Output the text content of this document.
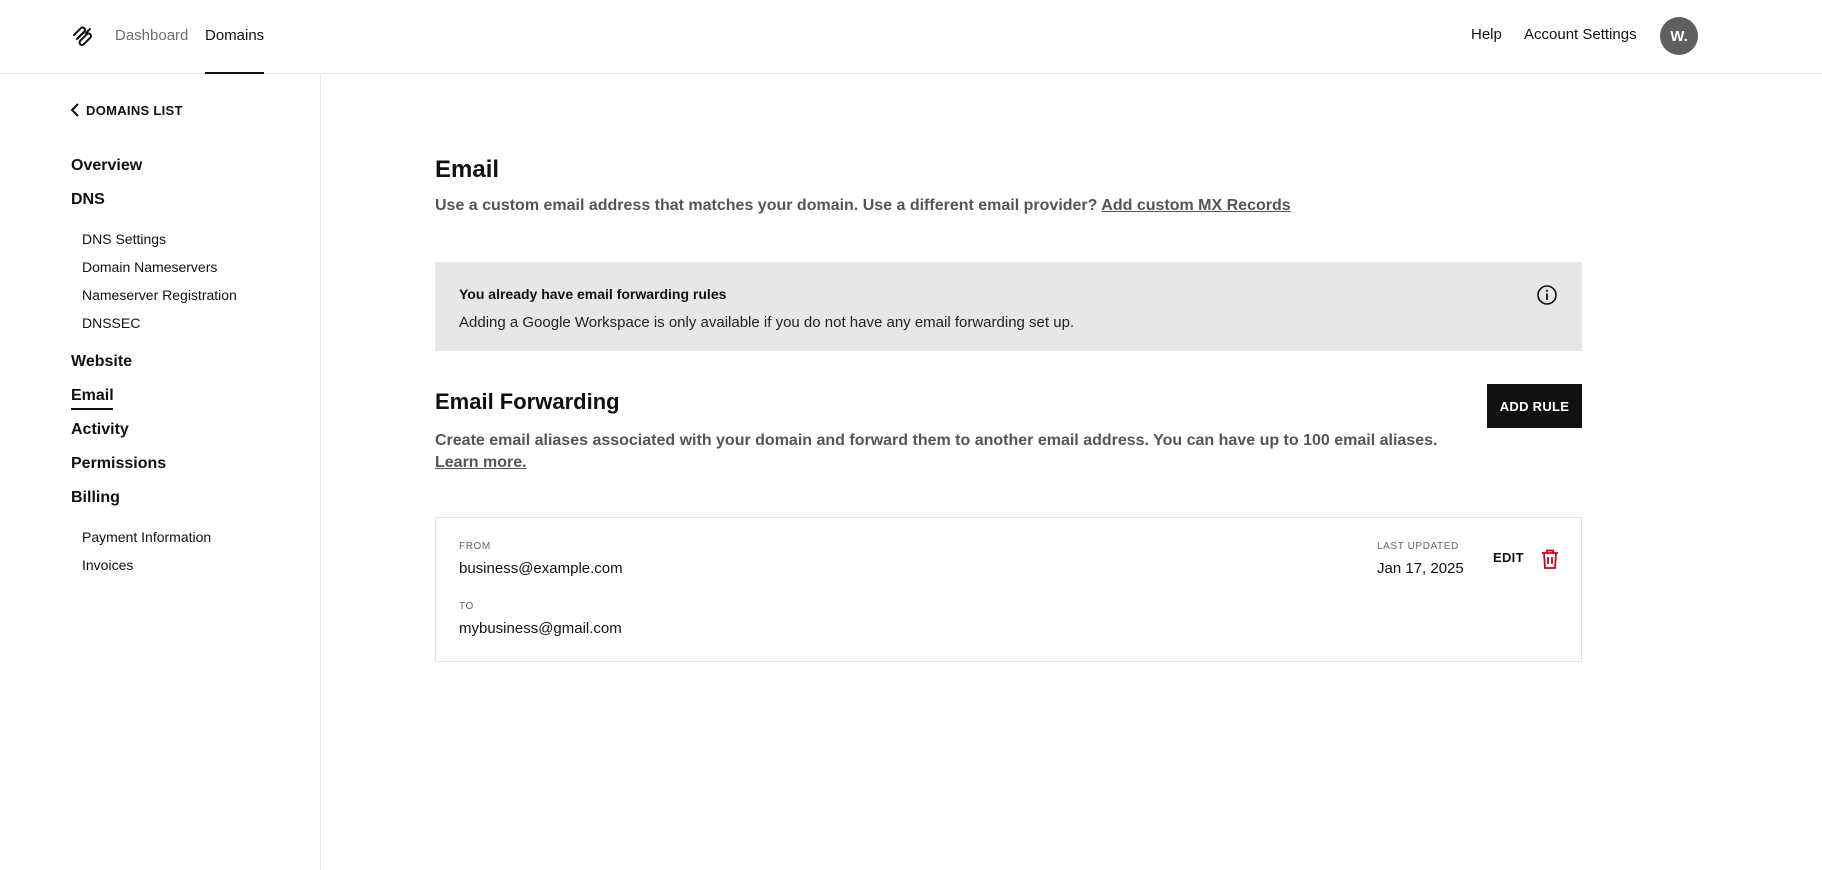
Dashboard Domains	Help Account Settings	W.
DOMAINS LIST
Overview
DNS
DNS Settings
Domain Nameservers
Nameserver Registration
DNSSEC
Website
Email
Activity
Permissions
Billing
Payment Information
Invoices
Email
Use a custom email address that matches your domain. Use a different email provider? Add custom MX Records
You already have email forwarding rules
Adding a Google Workspace is only available if you do not have any email forwarding set up.
Email Forwarding	ADD RULE
Create email aliases associated with your domain and forward them to another email address. You can have up to 100 email aliases.
Learn more.
FROM
business@example.com
TO
mybusiness@gmail.com
LAST UPDATED
Jan 17, 2025
EDIT
